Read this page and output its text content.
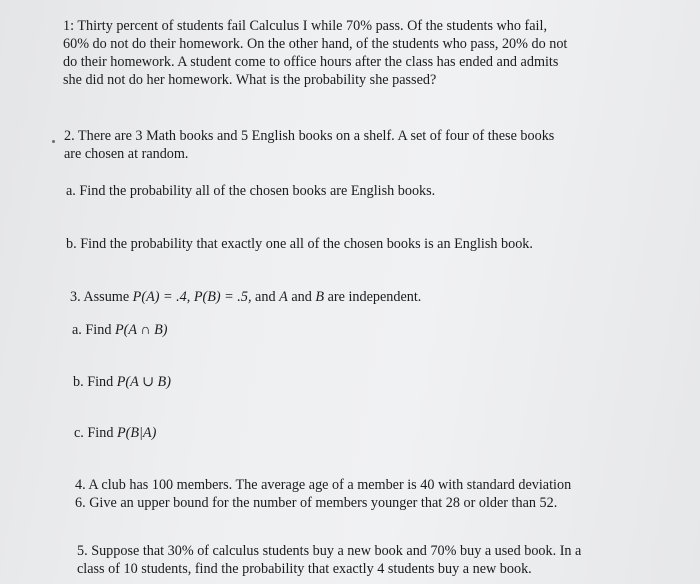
1: Thirty percent of students fail Calculus I while 70% pass. Of the students who fail,
60% do not do their homework. On the other hand, of the students who pass, 20% do not
do their homework. A student come to office hours after the class has ended and admits
she did not do her homework. What is the probability she passed?
2. There are 3 Math books and 5 English books on a shelf. A set of four of these books
are chosen at random.
a. Find the probability all of the chosen books are English books.
b. Find the probability that exactly one all of the chosen books is an English book.
3. Assume P(A) = .4, P(B) = .5, and A and B are independent.
a. Find P(A ∩ B)
b. Find P(A ∪ B)
c. Find P(B|A)
4. A club has 100 members. The average age of a member is 40 with standard deviation
6. Give an upper bound for the number of members younger that 28 or older than 52.
5. Suppose that 30% of calculus students buy a new book and 70% buy a used book. In a
class of 10 students, find the probability that exactly 4 students buy a new book.
